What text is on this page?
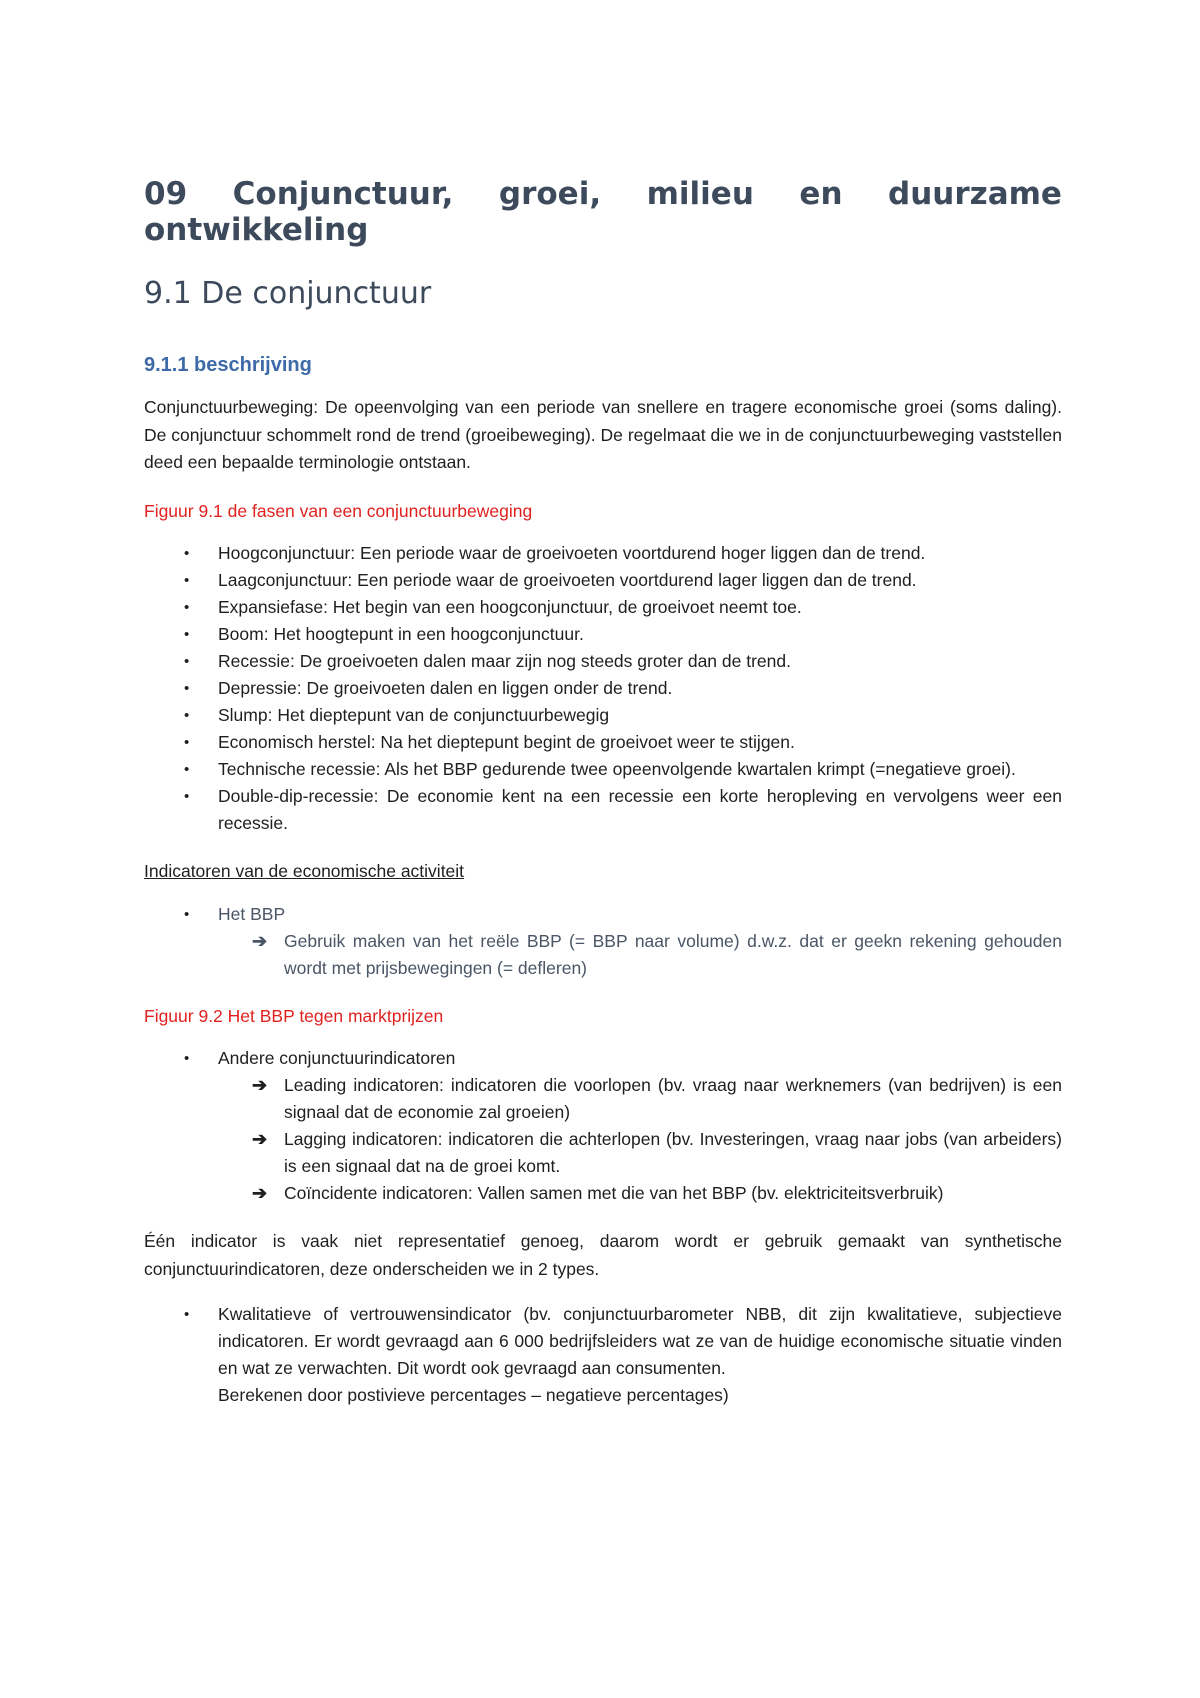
09 Conjunctuur, groei, milieu en duurzame
ontwikkeling
9.1 De conjunctuur
9.1.1 beschrijving

Conjunctuurbeweging: De opeenvolging van een periode van snellere en tragere economische groei (soms daling). De conjunctuur schommelt rond de trend (groeibeweging). De regelmaat die we in de conjunctuurbeweging vaststellen deed een bepaalde terminologie ontstaan.

Figuur 9.1 de fasen van een conjunctuurbeweging

• Hoogconjunctuur: Een periode waar de groeivoeten voortdurend hoger liggen dan de trend.
• Laagconjunctuur: Een periode waar de groeivoeten voortdurend lager liggen dan de trend.
• Expansiefase: Het begin van een hoogconjunctuur, de groeivoet neemt toe.
• Boom: Het hoogtepunt in een hoogconjunctuur.
• Recessie: De groeivoeten dalen maar zijn nog steeds groter dan de trend.
• Depressie: De groeivoeten dalen en liggen onder de trend.
• Slump: Het dieptepunt van de conjunctuurbewegig
• Economisch herstel: Na het dieptepunt begint de groeivoet weer te stijgen.
• Technische recessie: Als het BBP gedurende twee opeenvolgende kwartalen krimpt (=negatieve groei).
• Double-dip-recessie: De economie kent na een recessie een korte heropleving en vervolgens weer een recessie.

Indicatoren van de economische activiteit

• Het BBP
➔ Gebruik maken van het reële BBP (= BBP naar volume) d.w.z. dat er geekn rekening gehouden wordt met prijsbewegingen (= defleren)

Figuur 9.2 Het BBP tegen marktprijzen

• Andere conjunctuurindicatoren
➔ Leading indicatoren: indicatoren die voorlopen (bv. vraag naar werknemers (van bedrijven) is een signaal dat de economie zal groeien)
➔ Lagging indicatoren: indicatoren die achterlopen (bv. Investeringen, vraag naar jobs (van arbeiders) is een signaal dat na de groei komt.
➔ Coïncidente indicatoren: Vallen samen met die van het BBP (bv. elektriciteitsverbruik)

Één indicator is vaak niet representatief genoeg, daarom wordt er gebruik gemaakt van synthetische conjunctuurindicatoren, deze onderscheiden we in 2 types.

• Kwalitatieve of vertrouwensindicator (bv. conjunctuurbarometer NBB, dit zijn kwalitatieve, subjectieve indicatoren. Er wordt gevraagd aan 6 000 bedrijfsleiders wat ze van de huidige economische situatie vinden en wat ze verwachten. Dit wordt ook gevraagd aan consumenten.
Berekenen door postivieve percentages – negatieve percentages)
